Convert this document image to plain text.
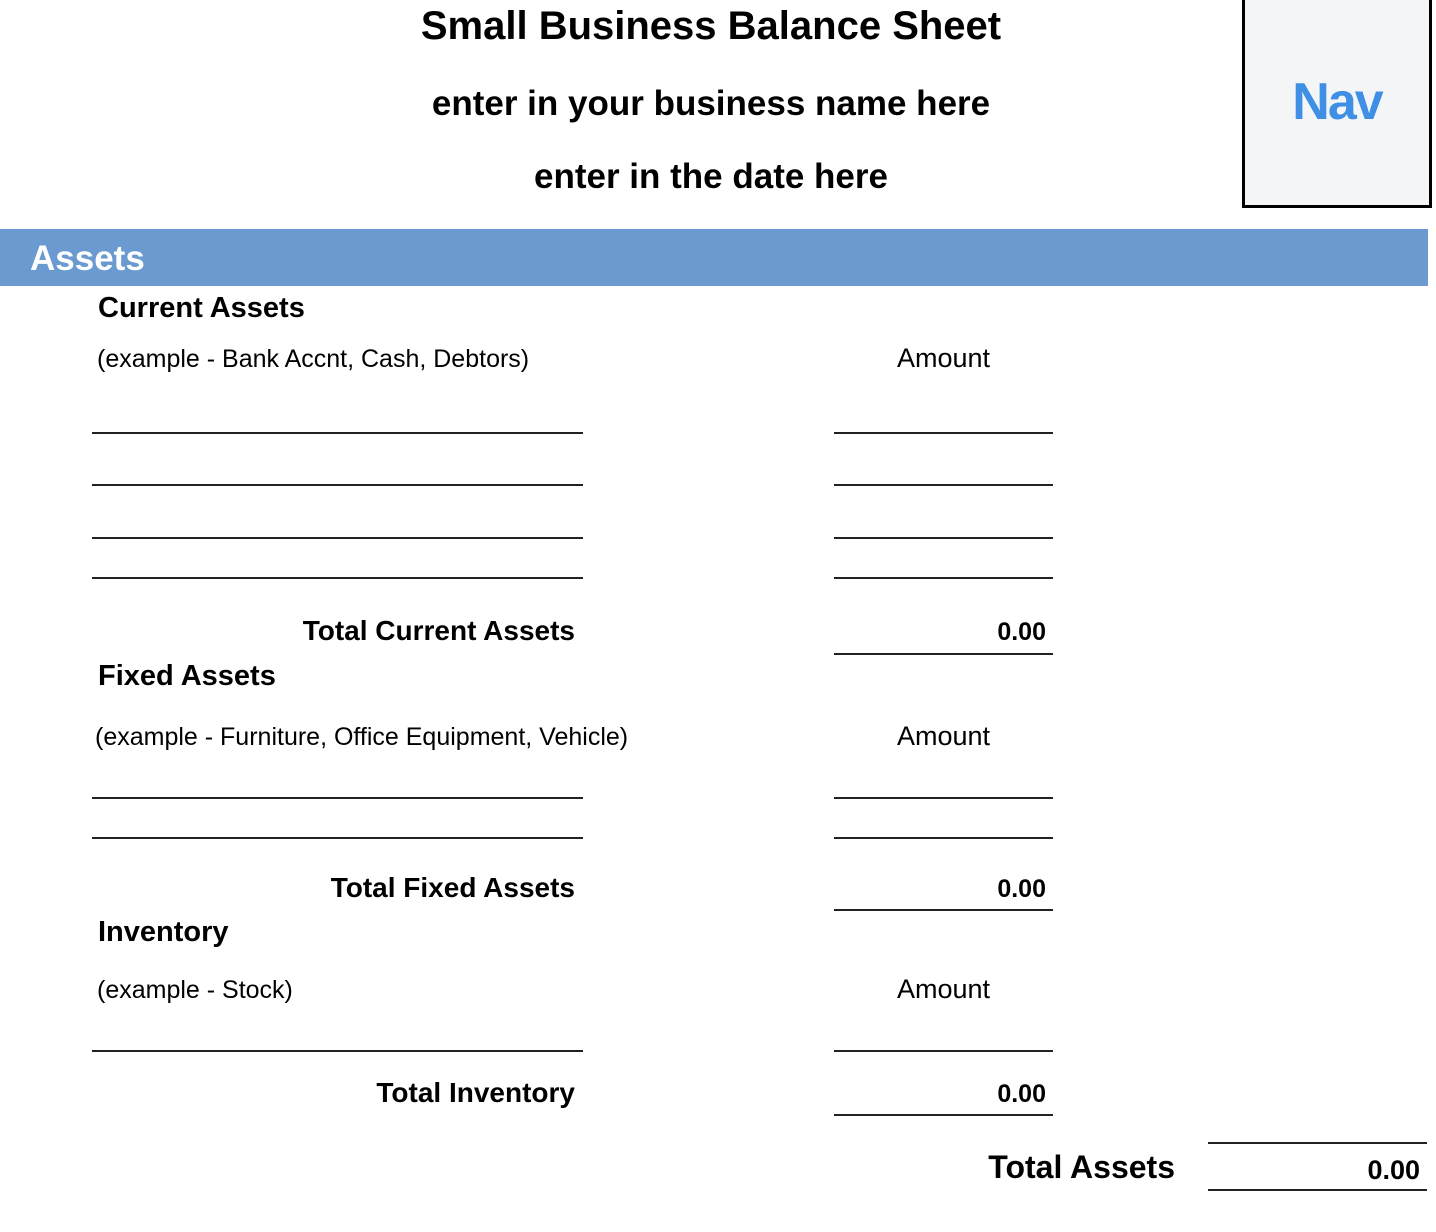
Small Business Balance Sheet
enter in your business name here
enter in the date here
Nav
Assets
Current Assets
(example - Bank Accnt, Cash, Debtors)	Amount
Total Current Assets	0.00
Fixed Assets
(example - Furniture, Office Equipment, Vehicle)	Amount
Total Fixed Assets	0.00
Inventory
(example - Stock)	Amount
Total Inventory	0.00
Total Assets	0.00
